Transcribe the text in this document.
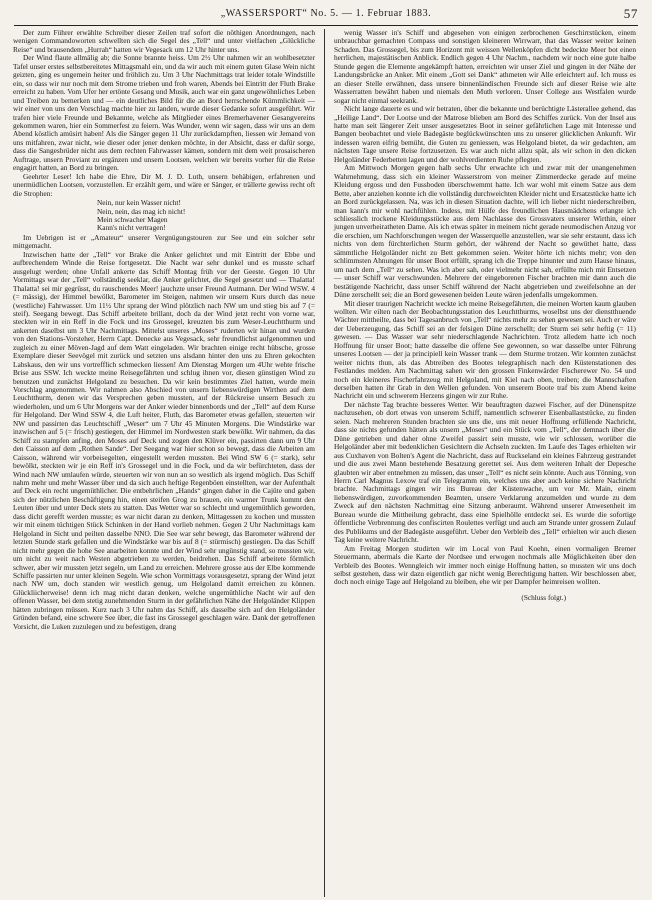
„WASSERSPORT“ No. 5. — 1. Februar 1883.	57

Der zum Führer erwählte Schreiber dieser Zeilen traf sofort die nöthigen Anordnungen, nach wenigen Commandoworten schwellten sich die Segel des „Tell“ und unter vielfachen „Glückliche Reise“ und brausendem „Hurrah“ hatten wir Vegesack um 12 Uhr hinter uns.

Der Wind flaute allmälig ab; die Sonne brannte heiss. Um 2½ Uhr nahmen wir an wohlbesetzter Tafel unser erstes selbstbereitetes Mittagsmahl ein, und da wir auch mit einem guten Glase Wein nicht geizten, ging es ungemein heiter und fröhlich zu. Um 3 Uhr Nachmittags trat leider totale Windstille ein, so dass wir nur noch mit dem Strome trieben und froh waren, Abends bei Eintritt der Fluth Brake erreicht zu haben. Vom Ufer her ertönte Gesang und Musik, auch war ein ganz ungewöhnliches Leben und Treiben zu bemerken und — ein deutliches Bild für die an Bord herrschende Kümmlichkeit — wir einer von uns den Vorschlag machte hier zu landen, wurde dieser Gedanke sofort ausgeführt. Wir trafen hier viele Freunde und Bekannte, welche als Mitglieder eines Bremerhavener Gesangvereins gekommen waren, hier ein Sommerfest zu feiern. Was Wunder, wenn wir sagen, dass wir uns an dem Abend köstlich amüsirt haben! Als die Sänger gegen 11 Uhr zurückdampften, liessen wir Jemand von uns mitfahren, zwar nicht, wie dieser oder jener denken möchte, in der Absicht, dass er dafür sorge, dass die Sangesbrüder nicht aus dem rechten Fahrwasser kämen, sondern mit dem weit prosaischeren Auftrage, unsern Proviant zu ergänzen und unsern Lootsen, welchen wir bereits vorher für die Reise engagirt hatten, an Bord zu bringen.

Geehrter Leser! Ich habe die Ehre, Dir M. J. D. Luth, unsern behäbigen, erfahrenen und unermüdlichen Lootsen, vorzustellen. Er erzählt gern, und wäre er Sänger, er trällerte gewiss recht oft die Strophen:

Nein, nur kein Wasser nicht!
Nein, nein, das mag ich nicht!
Mein schwacher Magen
Kann's nicht vertragen!

Im Uebrigen ist er „Amateur“ unserer Vergnügungstouren zur See und ein solcher sehr mittgemacht.

Inzwischen hatte der „Tell“ vor Brake die Anker gelichtet und mit Eintritt der Ebbe und aufbrechendem Winde die Reise fortgesetzt. Die Nacht war sehr dunkel und es musste scharf ausgelugt werden; ohne Unfall ankerte das Schiff Montag früh vor der Geeste. Gegen 10 Uhr Vormittags war der „Tell“ vollständig seeklar, die Anker gelichtet, die Segel gesetzt und — Thalatta! Thalatta! sei mir gegrüsst, du rauschendes Meer! jauchzte unser Freund Autmann. Der Wind WSW. 4 (= mässig), der Himmel bewölkt, Barometer im Steigen, nahmen wir unsern Kurs durch das neue (westliche) Fahrwasser. Um 11½ Uhr sprang der Wind plötzlich nach NW um und stieg bis auf 7 (= steif). Seegang bewegt. Das Schiff arbeitete brillant, doch da der Wind jetzt recht von vorne war, steckten wir in ein Reff in die Fock und ins Grossegel, kreuzten bis zum Weser-Leuchtthurm und ankerten daselbst um 3 Uhr Nachmittags. Mittelst unseres „Moses“ ruderten wir hinan und wurden von den Stations-Vorsteher, Herrn Capt. Denecke aus Vegesack, sehr freundlichst aufgenommen und zugleich zu einer Möven-Jagd auf dem Watt eingeladen. Wir brachten einige recht hübsche, grosse Exemplare dieser Seevögel mit zurück und setzten uns alsdann hinter den uns zu Ehren gekochten Labskaus, den wir uns vortrefflich schmecken liessen! Am Dienstag Morgen um 4Uhr wehte frische Brise aus SSW. Ich weckte meine Reisegefährten und schlug ihnen vor, diesen günstigen Wind zu benutzen und zunächst Helgoland zu besuchen. Da wir kein bestimmtes Ziel hatten, wurde mein Vorschlag angenommen. Wir nahmen also Abschied von unsern liebenswürdigen Wirthen auf dem Leuchtthurm, denen wir das Versprechen geben mussten, auf der Rückreise unsern Besuch zu wiederholen, und um 6 Uhr Morgens war der Anker wieder binnenbords und der „Tell“ auf dem Kurse für Helgoland. Der Wind SSW 4, die Luft heiter, Fluth, das Barometer etwas gefallen, steuerten wir NW und passirten das Leuchtschiff „Weser“ um 7 Uhr 45 Minuten Morgens. Die Windstärke war inzwischen auf 5 (= frisch) gestiegen, der Himmel im Nordwesten stark bewölkt. Wir nahmen, da das Schiff zu stampfen anfing, den Moses auf Deck und zogen den Klüver ein, passirten dann um 9 Uhr den Caisson auf dem „Rothen Sande“. Der Seegang war hier schon so bewegt, dass die Arbeiten am Caisson, während wir vorbeisegelten, eingestellt werden mussten. Bei Wind SW 6 (= stark), sehr bewölkt, steckten wir je ein Reff in's Grossegel und in die Fock, und da wir befürchteten, dass der Wind nach NW umlaufen würde, steuerten wir von nun an so westlich als irgend möglich. Das Schiff nahm mehr und mehr Wasser über und da sich auch heftige Regenböen einstellten, war der Aufenthalt auf Deck ein recht ungemüthlicher. Die entbehrlichen „Hands“ gingen daher in die Cajüte und gaben sich der nützlichen Beschäftigung hin, einen steifen Grog zu brauen, ein warmer Trunk kommt den Leuten über und unter Deck stets zu statten. Das Wetter war so schlecht und ungemüthlich geworden, dass dicht gerefft werden musste; es war nicht daran zu denken, Mittagessen zu kochen und mussten wir mit einem tüchtigen Stück Schinken in der Hand vorlieb nehmen. Gegen 2 Uhr Nachmittags kam Helgoland in Sicht und peilten dasselbe NNO. Die See war sehr bewegt, das Barometer während der letzten Stunde stark gefallen und die Windstärke war bis auf 8 (= stürmisch) gestiegen. Da das Schiff nicht mehr gegen die hohe See anarbeiten konnte und der Wind sehr ungünstig stand, so mussten wir, um nicht zu weit nach Westen abgetrieben zu werden, beidrehen. Das Schiff arbeitete förmlich schwer, aber wir mussten jetzt segeln, um Land zu erreichen. Mehrere grosse aus der Elbe kommende Schiffe passirten nur unter kleinen Segeln. Wie schon Vormittags vorausgesetzt, sprang der Wind jetzt nach NW um, doch standen wir westlich genug, um Helgoland damit erreichen zu können. Glückliicherweise! denn ich mag nicht daran denken, welche ungemüthliche Nacht wir auf den offenen Wasser, bei dem stetig zunehmenden Sturm in der gefährlichen Nähe der Helgoländer Klippen hätten zubringen müssen. Kurz nach 3 Uhr nahm das Schiff, als dasselbe sich auf den Helgoländer Gründen befand, eine schwere See über, die fast ins Grossegel geschlagen wäre. Dank der getroffenen Vorsicht, die Luken zuzulegen und zu befestigen, drang

wenig Wasser in's Schiff und abgesehen von einigen zerbrochenen Geschirrstücken, einem unbrauchbar gemachten Compass und sonstigen kleineren Wirrwarr, that das Wasser weiter keinen Schaden. Das Grossegel, bis zum Horizont mit weissen Wellenköpfen dicht bedeckte Meer bot einen herrlichen, majestätischen Anblick. Endlich gegen 4 Uhr Nachm., nachdem wir noch eine gute halbe Stunde gegen die Elemente angekämpft hatten, erreichten wir unser Ziel und gingen in der Nähe der Landungsbrücke an Anker. Mit einem „Gott sei Dank“ athmeten wir Alle erleichtert auf. Ich muss es an dieser Stelle erwähnen, dass unsere binnenländischen Freunde sich auf dieser Reise wie alte Wasserratten bewährt haben und niemals den Muth verloren. Unser College aus Westfalen wurde sogar nicht einmal seekrank.

Nicht lange dauerte es und wir betraten, über die bekannte und berüchtigte Lästerallee gehend, das „Heilige Land“. Der Lootse und der Matrose blieben am Bord des Schiffes zurück. Von der Insel aus hatte man seit längerer Zeit unser ausgesetztes Boot in seiner gefährlichen Lage mit Interesse und Bangen beobachtet und viele Badegäste beglückwünschten uns zu unserer glücklichen Ankunft. Wir indessen waren eifrig bemüht, die Guten zu geniessen, was Helgoland bietet, da wir gedachten, am nächsten Tage unsere Reise fortzusetzen. Es war auch nicht allzu spät, als wir schon in den dicken Helgoländer Federbetten lagen und der wohlverdienten Ruhe pflegten.

Am Mittwoch Morgen gegen halb sechs Uhr erwachte ich und zwar mit der unangenehmen Wahrnehmung, dass sich ein kleiner Wasserstrom von meiner Zimmerdecke gerade auf meine Kleidung ergoss und den Fussboden überschwemmt hatte. Ich war wohl mit einem Satze aus dem Bette, aber anziehen konnte ich die vollständig durchweichten Kleider nicht und Ersatzstücke hatte ich an Bord zurückgelassen. Na, was ich in diesen Situation dachte, will ich lieber nicht niederschreiben, man kann's mir wohl nachfühlen. Indess, mit Hülfe des freundlichen Hausmädchens erlangte ich schliesslich trockene Kleidungsstücke aus dem Nachlasse des Grossvaters unserer Wirthin, einer jungen unverheiratheten Dame. Als ich etwas später in meinem nicht gerade neumodischen Anzug vor die erschien, um Nachforschungen wegen der Wasserquelle anzustellen, war sie sehr erstaunt, dass ich nichts von dem fürchterlichen Sturm gehört, der während der Nacht so gewüthet hatte, dass sämmtliche Helgoländer nicht zu Bett gekommen seien. Weiter hörte ich nichts mehr; von den schlimmsten Ahnungen für unser Boot erfüllt, sprang ich die Treppe hinunter und zum Hause hinaus, um nach dem „Tell“ zu sehen. Was ich aber sah, oder vielmehr nicht sah, erfüllte mich mit Entsetzen — unser Schiff war verschwunden. Mehrere der eingeborenen Fischer brachten mir dann auch die bestätigende Nachricht, dass unser Schiff während der Nacht abgetrieben und zweifelsohne an der Düne zerschellt sei; die an Bord gewesenen beiden Leute wären jedenfalls umgekommen.

Mit dieser traurigen Nachricht weckte ich meine Reisegefährten, die meinen Worten kaum glauben wollten. Wir eilten nach der Beobachtungsstation des Leuchtthurms, woselbst uns der dienstthuende Wächter mittheilte, dass bei Tagesanbruch von „Tell“ nichts mehr zu sehen gewesen sei. Auch er wäre der Ueberzeugung, das Schiff sei an der felsigen Düne zerschellt; der Sturm sei sehr heftig (= 11) gewesen. — Das Wasser war sehr niederschlagende Nachrichten. Trotz alledem hatte ich noch Hoffnung für unser Boot; hatte dasselbe die offene See gewonnen, so war dasselbe unter Führung unseres Lootsen — der ja principiell kein Wasser trank — dem Sturme trotzen. Wir konnten zunächst weiter nichts thun, als das Abtreiben des Bootes telegraphisch nach den Küstenstationen des Festlandes melden. Am Nachmittag sahen wir den grossen Finkenwärder Fischerewer No. 54 und noch ein kleineres Fischerfahrzeug mit Helgoland, mit Kiel nach oben, treiben; die Mannschaften derselben hatten ihr Grab in den Wellen gefunden. Von unserem Boote traf bis zum Abend keine Nachricht ein und schwerem Herzens gingen wir zur Ruhe.

Der nächste Tag brachte besseres Wetter. Wir beauftragten dazwei Fischer, auf der Dünenspitze nachzusehen, ob dort etwas von unserem Schiff, namentlich schwerer Eisenballaststücke, zu finden seien. Nach mehreren Stunden brachten sie uns die, uns mit neuer Hoffnung erfüllende Nachricht, dass sie nichts gefunden hätten als unsern „Moses“ und ein Stück vom „Tell“, der demnach über die Düne getrieben und daher ohne Zweifel passirt sein musste, wie wir schlossen, worüber die Helgoländer aber mit bedenklichen Gesichtern die Achseln zuckten. Im Laufe des Tages erhielten wir aus Cuxhaven von Bolten's Agent die Nachricht, dass auf Ruckseland ein kleines Fahrzeug gestrandet und die aus zwei Mann bestehende Besatzung gerettet sei. Aus dem weiteren Inhalt der Depesche glaubten wir aber entnehmen zu müssen, das unser „Tell“ es nicht sein könnte. Auch aus Tönning, von Herrn Carl Magnus Lexow traf ein Telegramm ein, welches uns aber auch keine sichere Nachricht brachte. Nachmittags gingen wir ins Bureau der Küstenwache, um vor Mr. Main, einem liebenswürdigen, zuvorkommenden Beamten, unsere Verklarung anzumelden und wurde zu dem Zweck auf den nächsten Nachmittag eine Sitzung anberaumt. Während unserer Anwesenheit im Bureau wurde die Mittheilung gebracht, dass eine Spielhölle entdeckt sei. Es wurde die sofortige öffentliche Verbrennung des confiscirten Roulettes verfügt und auch am Strande unter grossem Zulauf des Publikums und der Badegäste ausgeführt. Ueber den Verbleib des „Tell“ erhielten wir auch diesen Tag keine weitere Nachricht.

Am Freitag Morgen studirten wir im Local von Paul Koehn, einen vormaligen Bremer Steuermann, abermals die Karte der Nordsee und erwogen nochmals alle Möglichkeiten über den Verbleib des Bootes. Wenngleich wir immer noch einige Hoffnung hatten, so mussten wir uns doch selbst gestehen, dass wir dazu eigentlich gar nicht wenig Berechtigung hatten. Wir beschlossen aber, doch noch einige Tage auf Helgoland zu bleiben, ehe wir per Dampfer heimreisen wollten.

(Schluss folgt.)
